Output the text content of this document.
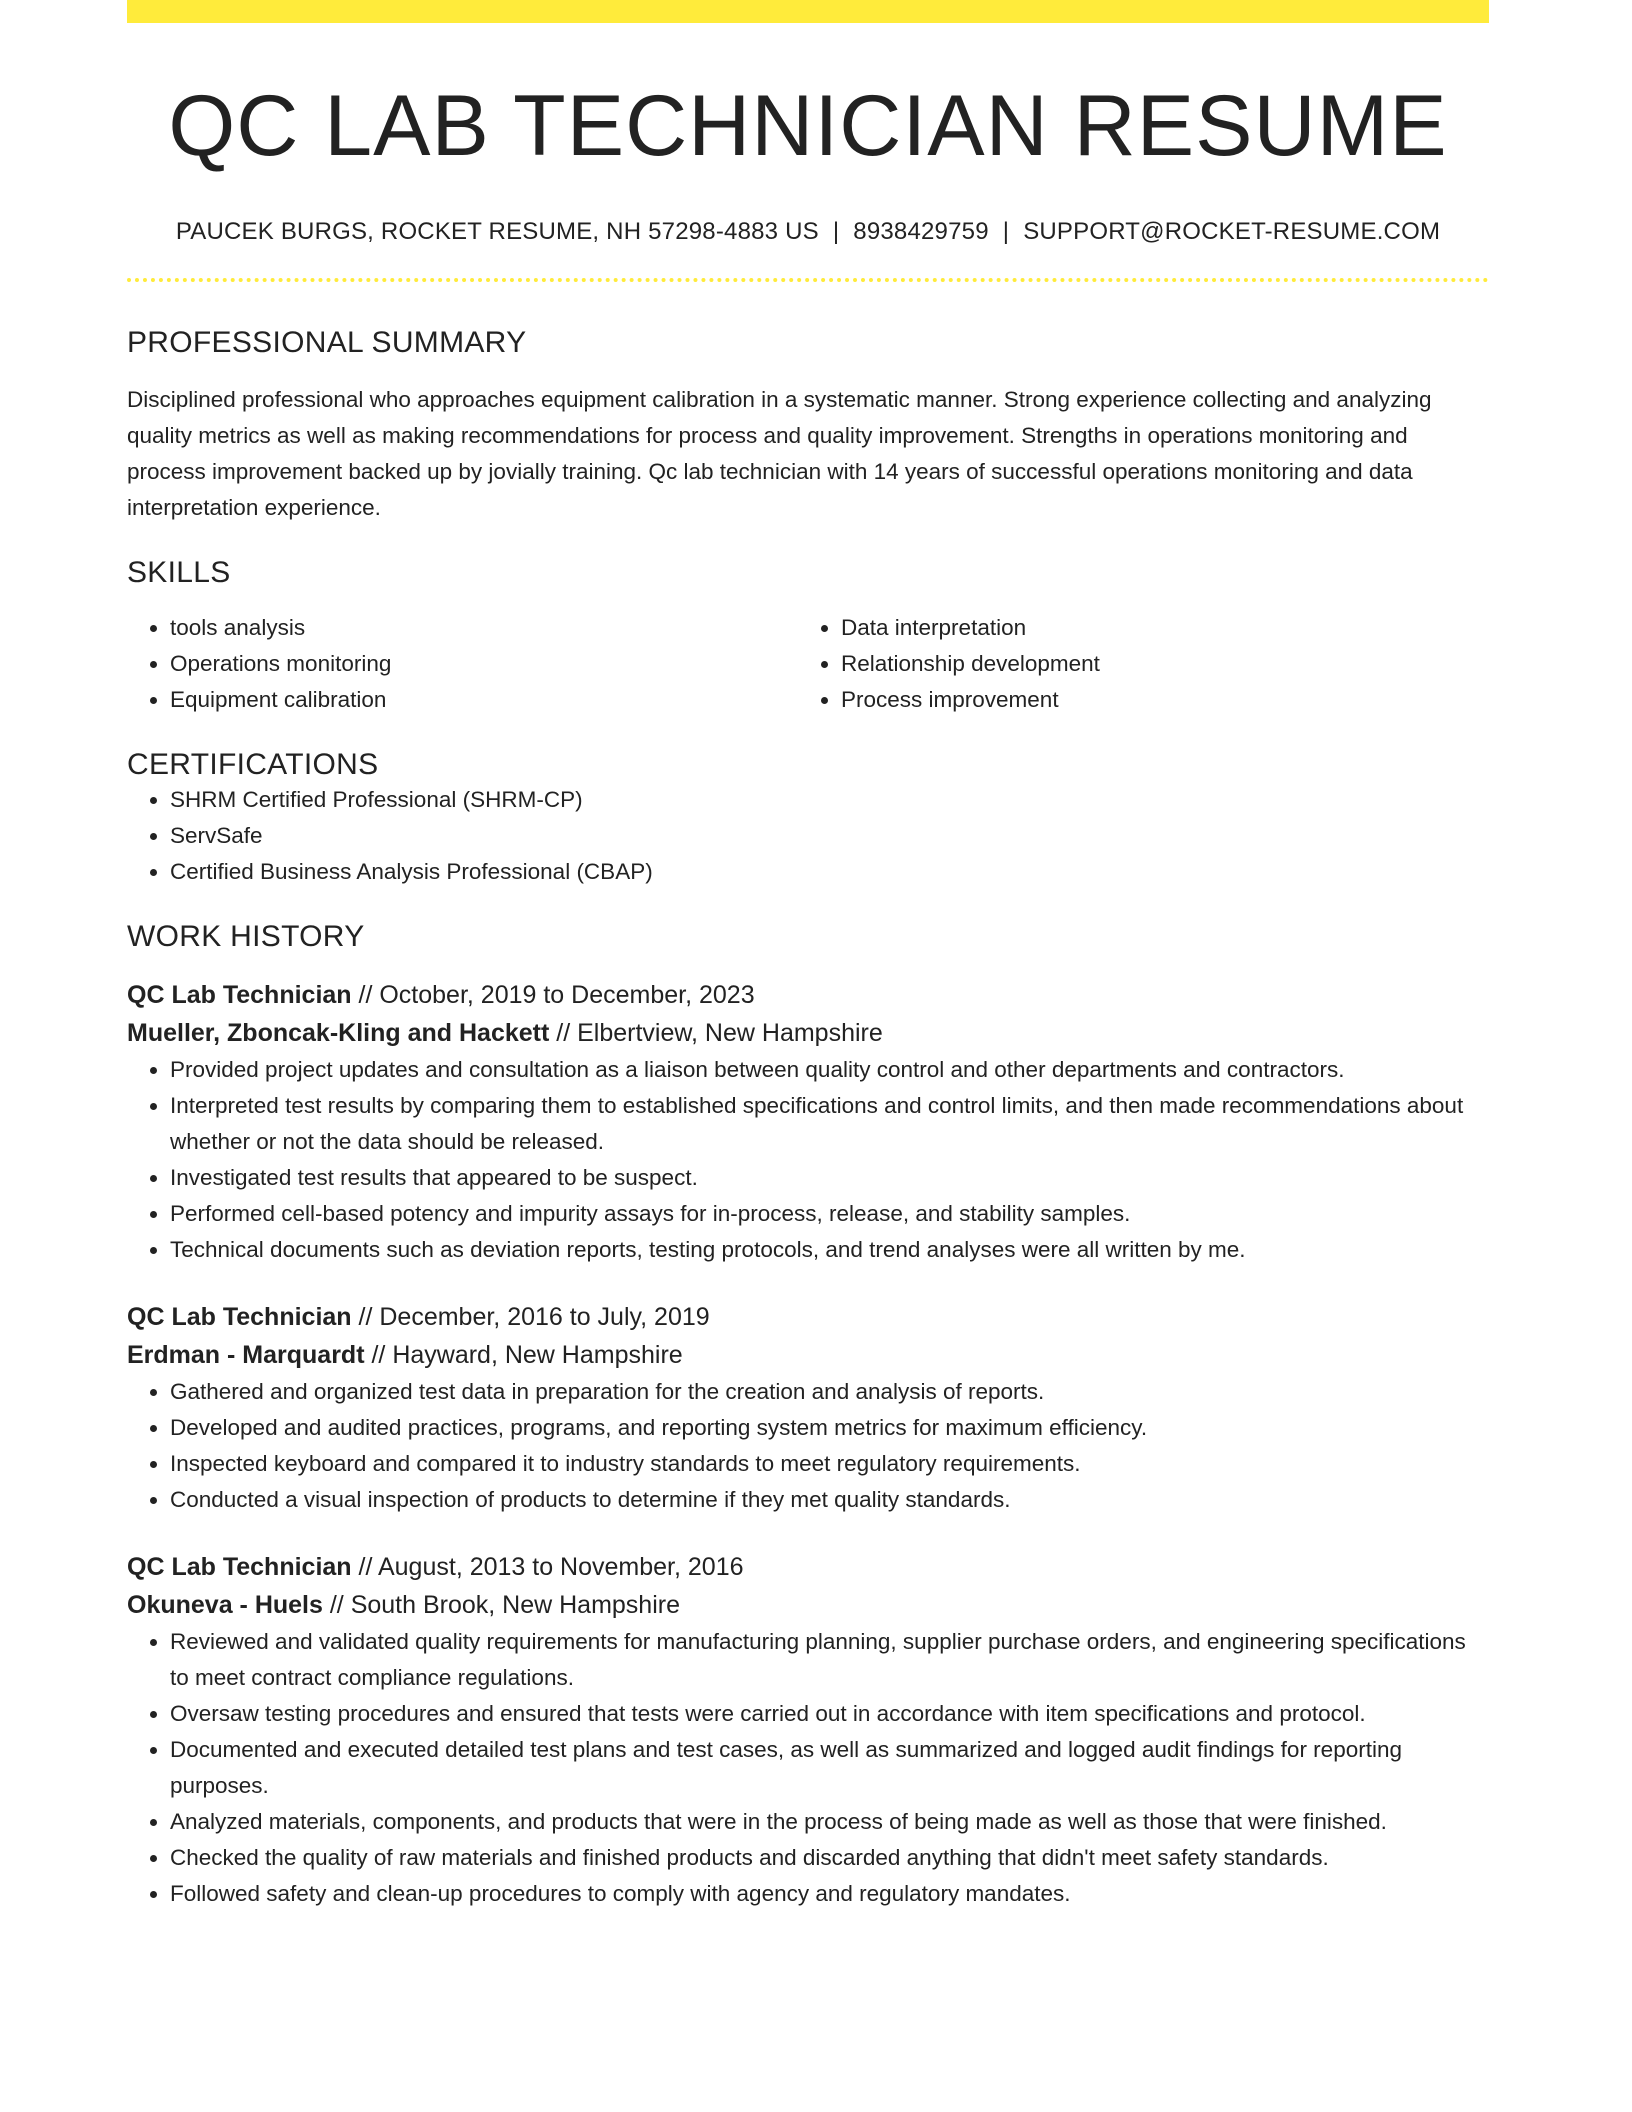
QC LAB TECHNICIAN RESUME
PAUCEK BURGS, ROCKET RESUME, NH 57298-4883 US | 8938429759 | SUPPORT@ROCKET-RESUME.COM
PROFESSIONAL SUMMARY
Disciplined professional who approaches equipment calibration in a systematic manner. Strong experience collecting and analyzing quality metrics as well as making recommendations for process and quality improvement. Strengths in operations monitoring and process improvement backed up by jovially training. Qc lab technician with 14 years of successful operations monitoring and data interpretation experience.
SKILLS
• tools analysis
• Operations monitoring
• Equipment calibration
• Data interpretation
• Relationship development
• Process improvement
CERTIFICATIONS
• SHRM Certified Professional (SHRM-CP)
• ServSafe
• Certified Business Analysis Professional (CBAP)
WORK HISTORY
QC Lab Technician // October, 2019 to December, 2023
Mueller, Zboncak-Kling and Hackett // Elbertview, New Hampshire
• Provided project updates and consultation as a liaison between quality control and other departments and contractors.
• Interpreted test results by comparing them to established specifications and control limits, and then made recommendations about whether or not the data should be released.
• Investigated test results that appeared to be suspect.
• Performed cell-based potency and impurity assays for in-process, release, and stability samples.
• Technical documents such as deviation reports, testing protocols, and trend analyses were all written by me.
QC Lab Technician // December, 2016 to July, 2019
Erdman - Marquardt // Hayward, New Hampshire
• Gathered and organized test data in preparation for the creation and analysis of reports.
• Developed and audited practices, programs, and reporting system metrics for maximum efficiency.
• Inspected keyboard and compared it to industry standards to meet regulatory requirements.
• Conducted a visual inspection of products to determine if they met quality standards.
QC Lab Technician // August, 2013 to November, 2016
Okuneva - Huels // South Brook, New Hampshire
• Reviewed and validated quality requirements for manufacturing planning, supplier purchase orders, and engineering specifications to meet contract compliance regulations.
• Oversaw testing procedures and ensured that tests were carried out in accordance with item specifications and protocol.
• Documented and executed detailed test plans and test cases, as well as summarized and logged audit findings for reporting purposes.
• Analyzed materials, components, and products that were in the process of being made as well as those that were finished.
• Checked the quality of raw materials and finished products and discarded anything that didn't meet safety standards.
• Followed safety and clean-up procedures to comply with agency and regulatory mandates.
